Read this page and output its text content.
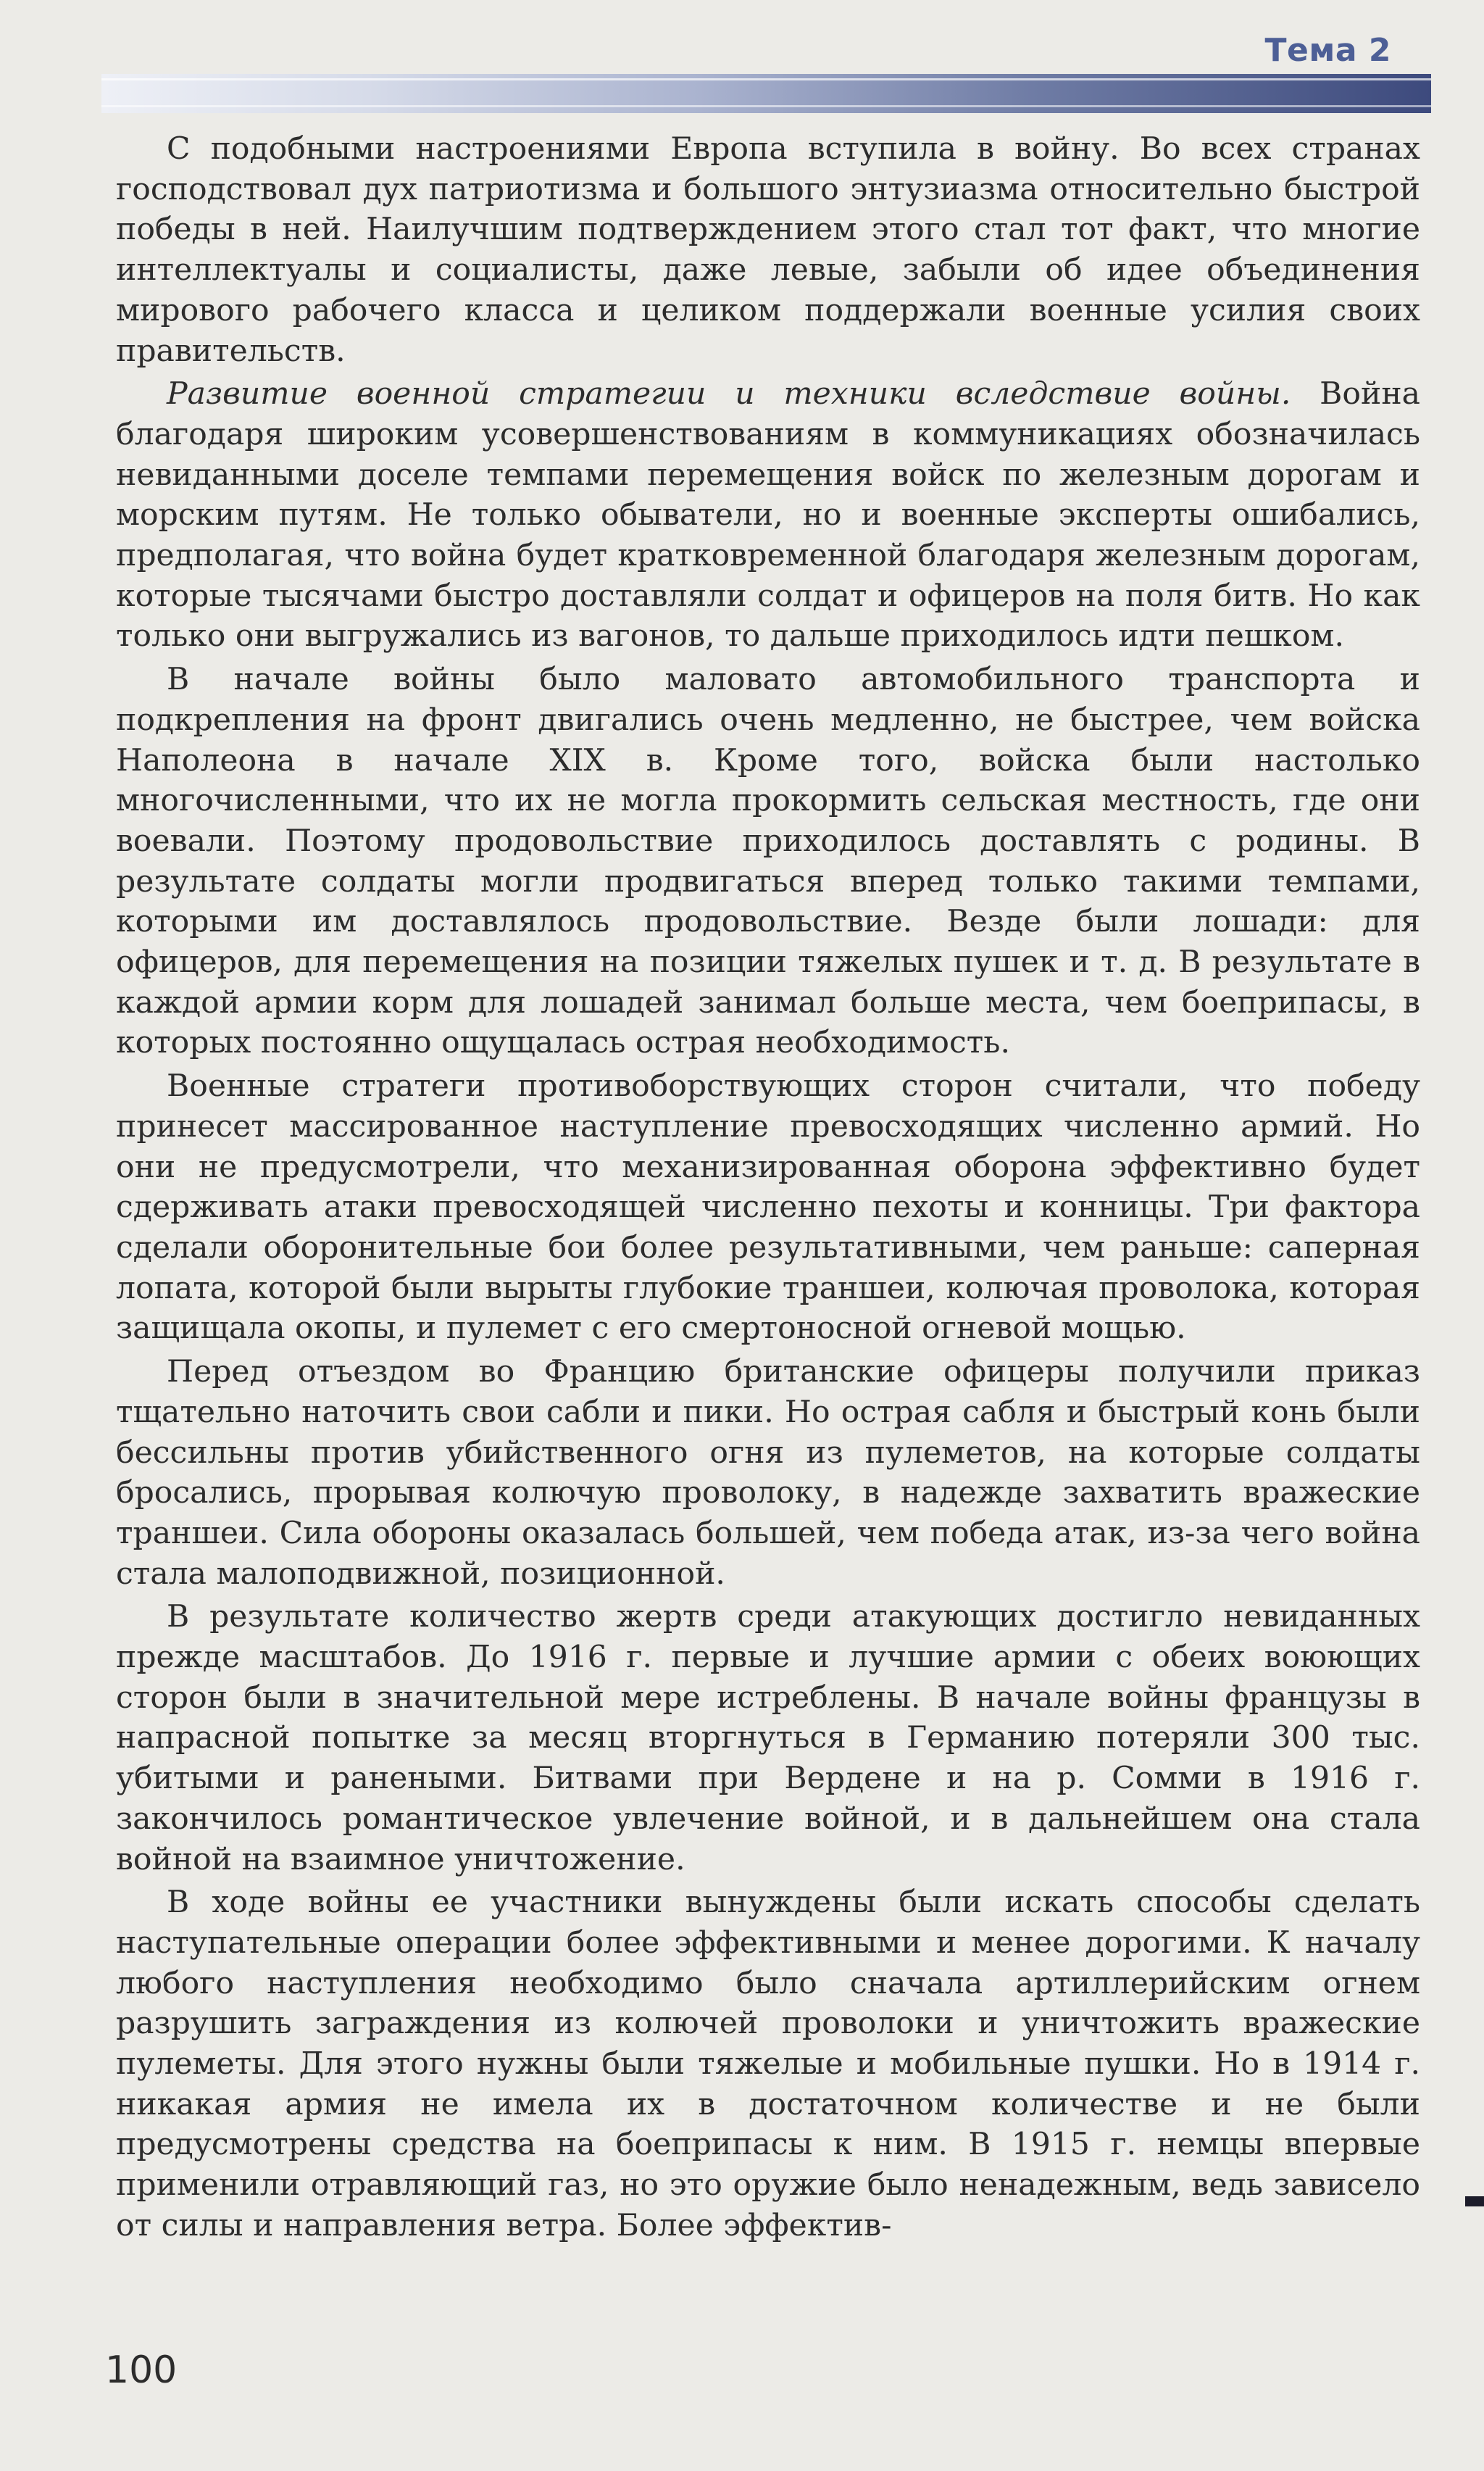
Тема 2

С подобными настроениями Европа вступила в войну. Во всех странах господствовал дух патриотизма и большого энтузиазма относительно быстрой победы в ней. Наилучшим подтверждением этого стал тот факт, что многие интеллектуалы и социалисты, даже левые, забыли об идее объединения мирового рабочего класса и целиком поддержали военные усилия своих правительств.

Развитие военной стратегии и техники вследствие войны. Война благодаря широким усовершенствованиям в коммуникациях обозначилась невиданными доселе темпами перемещения войск по железным дорогам и морским путям. Не только обыватели, но и военные эксперты ошибались, предполагая, что война будет кратковременной благодаря железным дорогам, которые тысячами быстро доставляли солдат и офицеров на поля битв. Но как только они выгружались из вагонов, то дальше приходилось идти пешком.

В начале войны было маловато автомобильного транспорта и подкрепления на фронт двигались очень медленно, не быстрее, чем войска Наполеона в начале XIX в. Кроме того, войска были настолько многочисленными, что их не могла прокормить сельская местность, где они воевали. Поэтому продовольствие приходилось доставлять с родины. В результате солдаты могли продвигаться вперед только такими темпами, которыми им доставлялось продовольствие. Везде были лошади: для офицеров, для перемещения на позиции тяжелых пушек и т. д. В результате в каждой армии корм для лошадей занимал больше места, чем боеприпасы, в которых постоянно ощущалась острая необходимость.

Военные стратеги противоборствующих сторон считали, что победу принесет массированное наступление превосходящих численно армий. Но они не предусмотрели, что механизированная оборона эффективно будет сдерживать атаки превосходящей численно пехоты и конницы. Три фактора сделали оборонительные бои более результативными, чем раньше: саперная лопата, которой были вырыты глубокие траншеи, колючая проволока, которая защищала окопы, и пулемет с его смертоносной огневой мощью.

Перед отъездом во Францию британские офицеры получили приказ тщательно наточить свои сабли и пики. Но острая сабля и быстрый конь были бессильны против убийственного огня из пулеметов, на которые солдаты бросались, прорывая колючую проволоку, в надежде захватить вражеские траншеи. Сила обороны оказалась большей, чем победа атак, из-за чего война стала малоподвижной, позиционной.

В результате количество жертв среди атакующих достигло невиданных прежде масштабов. До 1916 г. первые и лучшие армии с обеих воюющих сторон были в значительной мере истреблены. В начале войны французы в напрасной попытке за месяц вторгнуться в Германию потеряли 300 тыс. убитыми и ранеными. Битвами при Вердене и на р. Сомми в 1916 г. закончилось романтическое увлечение войной, и в дальнейшем она стала войной на взаимное уничтожение.

В ходе войны ее участники вынуждены были искать способы сделать наступательные операции более эффективными и менее дорогими. К началу любого наступления необходимо было сначала артиллерийским огнем разрушить заграждения из колючей проволоки и уничтожить вражеские пулеметы. Для этого нужны были тяжелые и мобильные пушки. Но в 1914 г. никакая армия не имела их в достаточном количестве и не были предусмотрены средства на боеприпасы к ним. В 1915 г. немцы впервые применили отравляющий газ, но это оружие было ненадежным, ведь зависело от силы и направления ветра. Более эффектив-

100
